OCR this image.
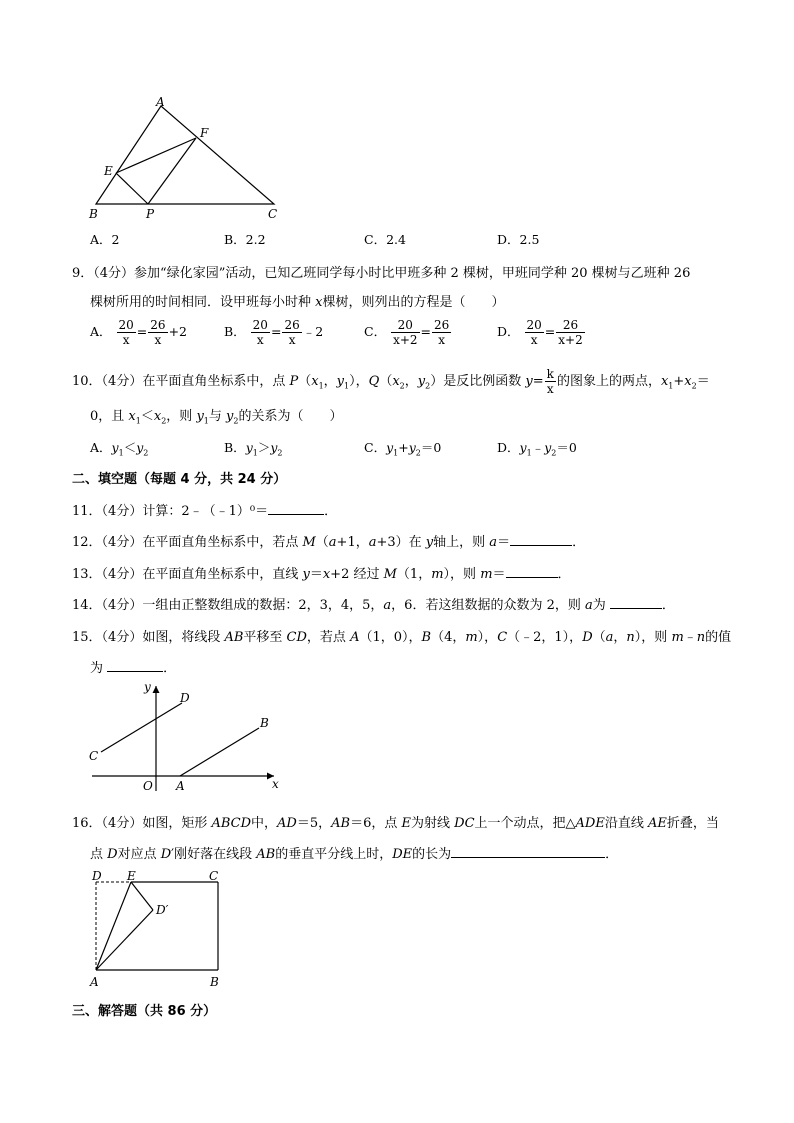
A
F
E
B	P	C
A．2	B．2.2	C．2.4	D．2.5
9．（4分）参加“绿化家园”活动，已知乙班同学每小时比甲班多种 2 棵树，甲班同学种 20 棵树与乙班种 26
棵树所用的时间相同．设甲班每小时种 x棵树，则列出的方程是（　　）
A． $\frac{20}{x} = \frac{26}{x} +2$	B． $\frac{20}{x} = \frac{26}{x}$ ﹣2	C． $\frac{20}{x+2} = \frac{26}{x}$	D． $\frac{20}{x} = \frac{26}{x+2}$
10．（4分）在平面直角坐标系中，点 $P(x_1$，$y_1$），$Q(x_2$，$y_2$）是反比例函数 $y= \frac{k}{x}$ 的图象上的两点，$x_1+x_2=$
0，且 $x_1<x_2$，则 $y_1$与 $y_2$的关系为（　　）
A．$y_1<y_2$	B．$y_1>y_2$	C．$y_1+y_2=0$	D．$y_1﹣y_2=0$
二、填空题（每题 4 分，共 24 分）
11．（4分）计算：2﹣（﹣1）⁰＝	．
12．（4分）在平面直角坐标系中，若点 M（a+1，a+3）在 y轴上，则 a＝	．
13．（4分）在平面直角坐标系中，直线 y＝x+2 经过 M（1，m），则 m＝	．
14．（4分）一组由正整数组成的数据：2，3，4，5，a，6．若这组数据的众数为 2，则 a为	．
15．（4分）如图，将线段 AB平移至 CD，若点 A（1，0），B（4，m），C（﹣2，1），D（a，n），则 m﹣n的值
为	．
y
x
O A
B
C
D
16．（4分）如图，矩形 ABCD中，AD＝5，AB＝6，点 E为射线 DC上一个动点，把△ADE沿直线 AE折叠，当
点 D对应点 D′刚好落在线段 AB的垂直平分线上时，DE的长为	．
D E	C
D′
A	B
三、解答题（共 86 分）
